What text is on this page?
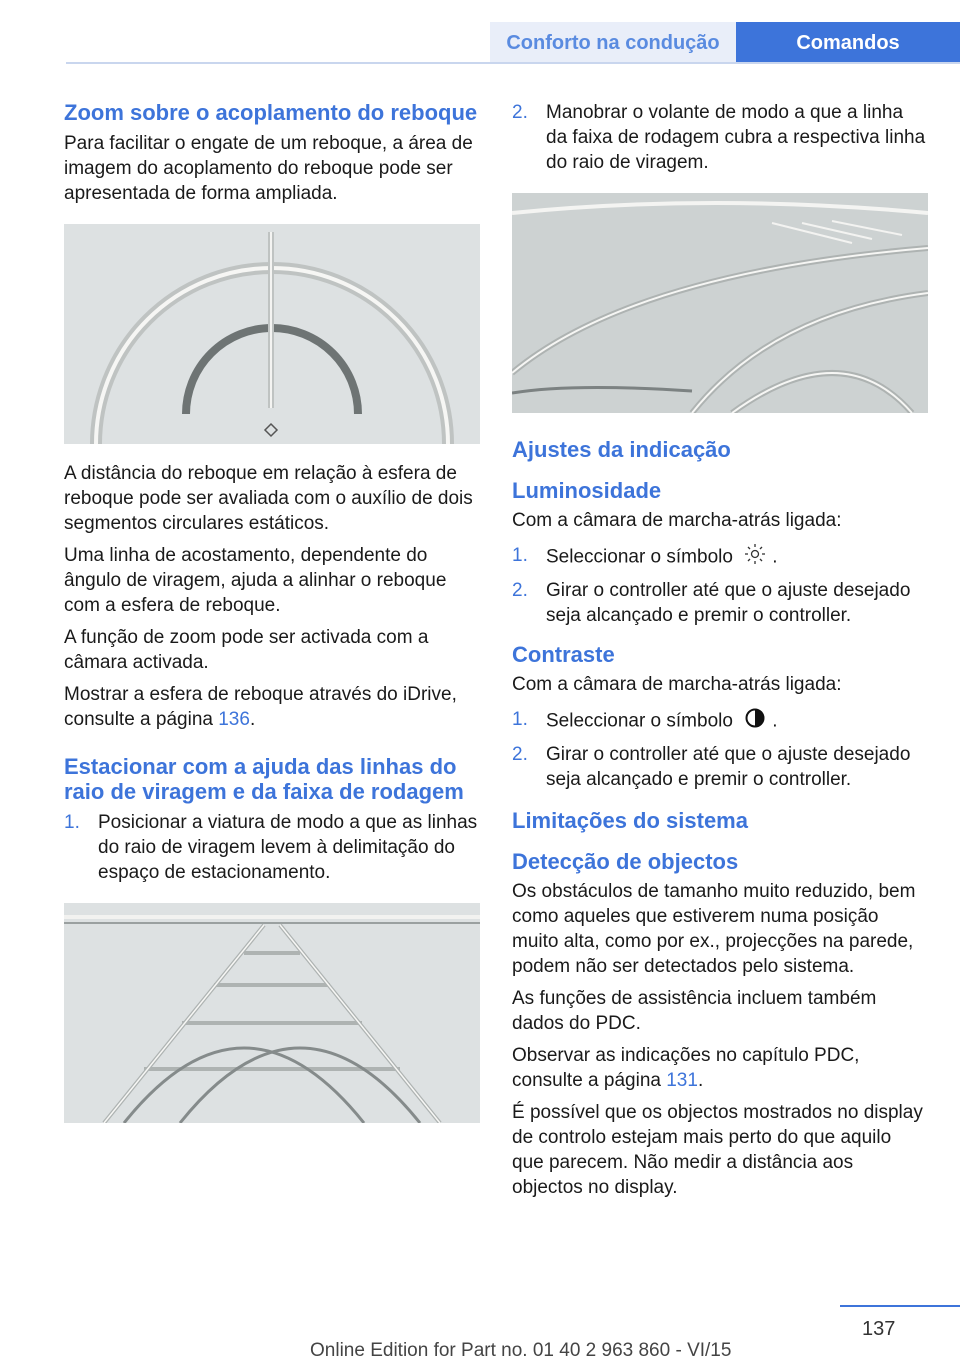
Conforto na condução	Comandos
Zoom sobre o acoplamento do reboque

Para facilitar o engate de um reboque, a área de imagem do acoplamento do reboque pode ser apresentada de forma ampliada.

A distância do reboque em relação à esfera de reboque pode ser avaliada com o auxílio de dois segmentos circulares estáticos.

Uma linha de acostamento, dependente do ângulo de viragem, ajuda a alinhar o reboque com a esfera de reboque.

A função de zoom pode ser activada com a câmara activada.

Mostrar a esfera de reboque através do iDrive, consulte a página 136.

Estacionar com a ajuda das linhas do raio de viragem e da faixa de rodagem
1. Posicionar a viatura de modo a que as linhas do raio de viragem levem à delimitação do espaço de estacionamento.
2. Manobrar o volante de modo a que a linha da faixa de rodagem cubra a respectiva linha do raio de viragem.
Ajustes da indicação
Luminosidade

Com a câmara de marcha-atrás ligada:

1. Seleccionar o símbolo .
2. Girar o controller até que o ajuste desejado seja alcançado e premir o controller.
Contraste

Com a câmara de marcha-atrás ligada:

1. Seleccionar o símbolo .
2. Girar o controller até que o ajuste desejado seja alcançado e premir o controller.
Limitações do sistema
Detecção de objectos

Os obstáculos de tamanho muito reduzido, bem como aqueles que estiverem numa posição muito alta, como por ex., projecções na parede, podem não ser detectados pelo sistema.

As funções de assistência incluem também dados do PDC.

Observar as indicações no capítulo PDC, consulte a página 131.

É possível que os objectos mostrados no display de controlo estejam mais perto do que aquilo que parecem. Não medir a distância aos objectos no display.

137
Online Edition for Part no. 01 40 2 963 860 - VI/15
